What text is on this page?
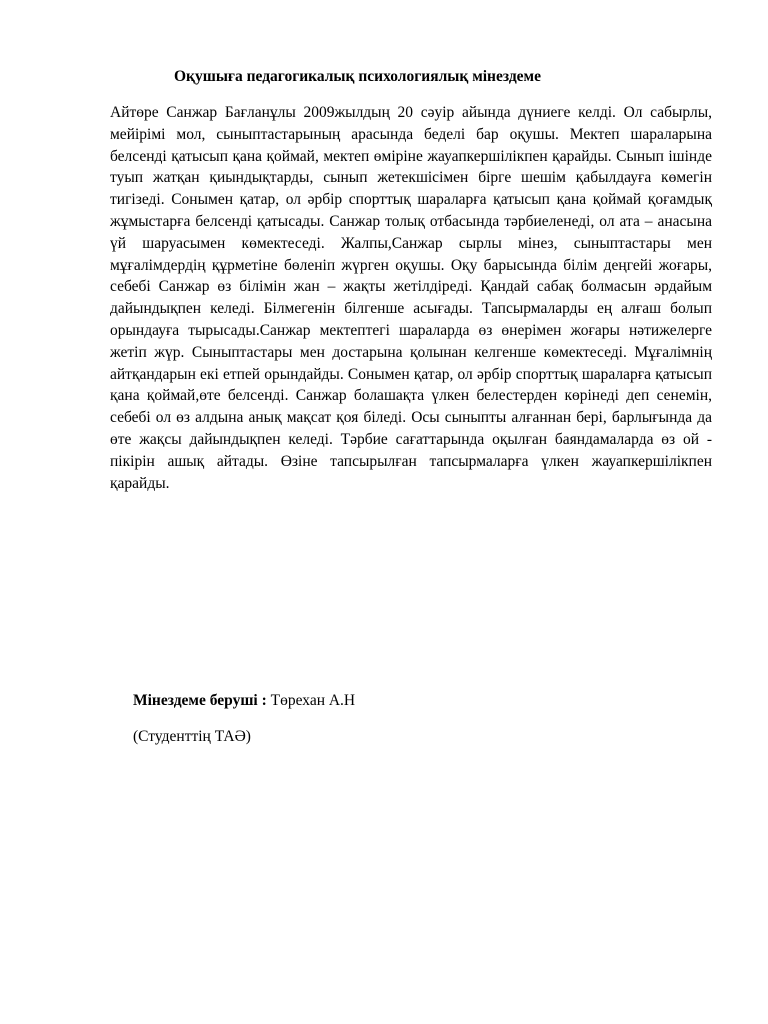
Оқушыға педагогикалық психологиялық мінездеме

Айтөре Санжар Бағланұлы 2009жылдың 20 сәуір айында дүниеге келді. Ол сабырлы, мейірімі мол, сыныптастарының арасында беделі бар оқушы. Мектеп шараларына белсенді қатысып қана қоймай, мектеп өміріне жауапкершілікпен қарайды. Сынып ішінде туып жатқан қиындықтарды, сынып жетекшісімен бірге шешім қабылдауға көмегін тигізеді. Сонымен қатар, ол әрбір спорттық шараларға қатысып қана қоймай қоғамдық жұмыстарға белсенді қатысады. Санжар толық отбасында тәрбиеленеді, ол ата – анасына үй шаруасымен көмектеседі. Жалпы,Санжар сырлы мінез, сыныптастары мен мұғалімдердің құрметіне бөленіп жүрген оқушы. Оқу барысында білім деңгейі жоғары, себебі Санжар өз білімін жан – жақты жетілдіреді. Қандай сабақ болмасын әрдайым дайындықпен келеді. Білмегенін білгенше асығады. Тапсырмаларды ең алғаш болып орындауға тырысады.Санжар мектептегі шараларда өз өнерімен жоғары нәтижелерге жетіп жүр. Сыныптастары мен достарына қолынан келгенше көмектеседі. Мұғалімнің айтқандарын екі етпей орындайды. Сонымен қатар, ол әрбір спорттық шараларға қатысып қана қоймай,өте белсенді. Санжар болашақта үлкен белестерден көрінеді деп сенемін, себебі ол өз алдына анық мақсат қоя біледі. Осы сыныпты алғаннан бері, барлығында да өте жақсы дайындықпен келеді. Тәрбие сағаттарында оқылған баяндамаларда өз ой - пікірін ашық айтады. Өзіне тапсырылған тапсырмаларға үлкен жауапкершілікпен қарайды.

Мінездеме беруші : Төрехан А.Н
(Студенттің ТАӘ)
